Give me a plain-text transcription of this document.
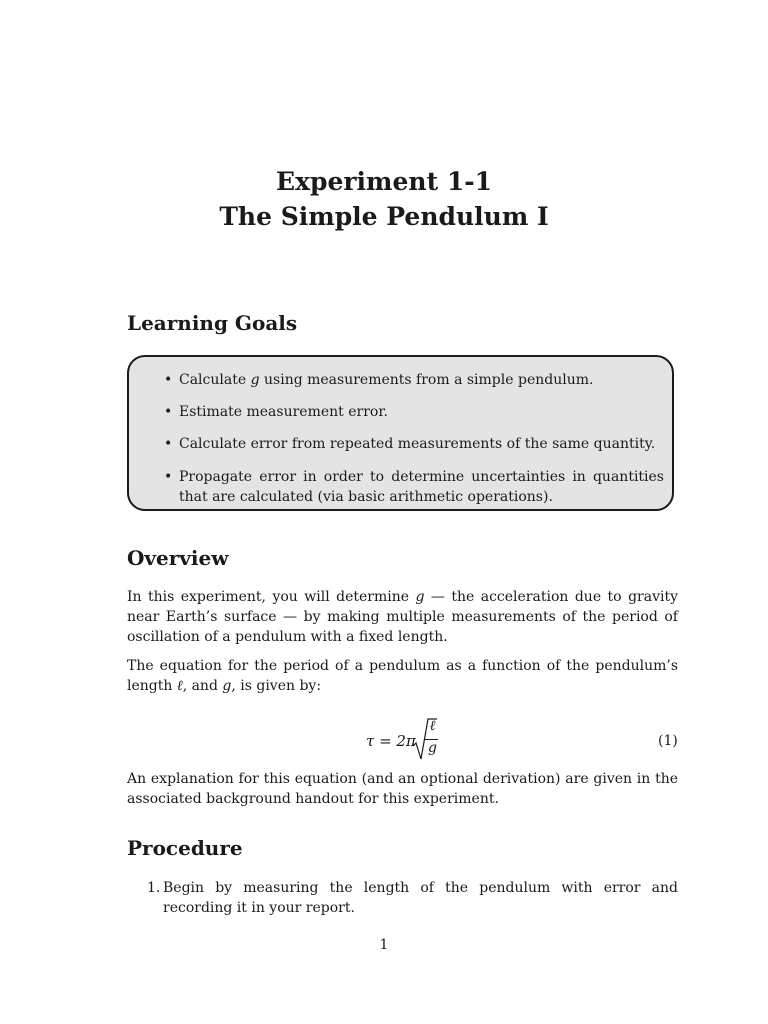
Experiment 1-1
The Simple Pendulum I
Learning Goals
• Calculate g using measurements from a simple pendulum.
• Estimate measurement error.
• Calculate error from repeated measurements of the same quantity.
• Propagate error in order to determine uncertainties in quantities that are calculated (via basic arithmetic operations).
Overview
In this experiment, you will determine g — the acceleration due to gravity near Earth’s surface — by making multiple measurements of the period of oscillation of a pendulum with a fixed length.
The equation for the period of a pendulum as a function of the pendulum’s length ℓ, and g, is given by:
τ = 2π
ℓ
g	(1)
An explanation for this equation (and an optional derivation) are given in the associated background handout for this experiment.
Procedure
1. Begin by measuring the length of the pendulum with error and recording it in your report.
1
